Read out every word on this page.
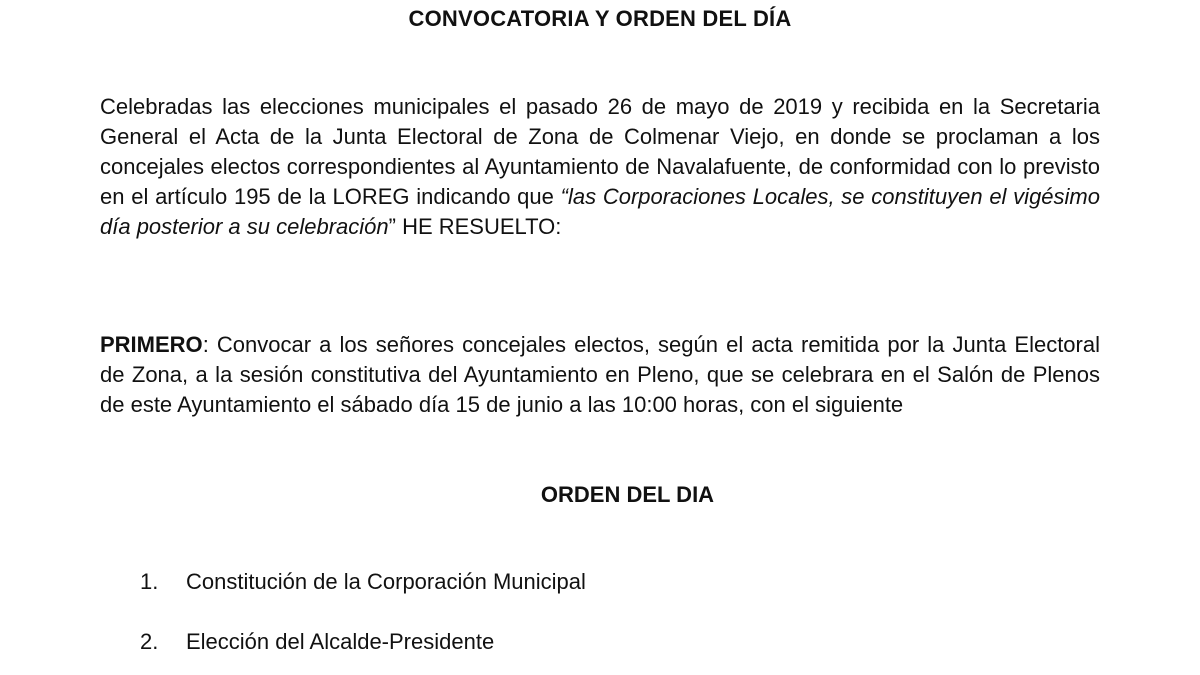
CONVOCATORIA Y ORDEN DEL DÍA

Celebradas las elecciones municipales el pasado 26 de mayo de 2019 y recibida en la Secretaria General el Acta de la Junta Electoral de Zona de Colmenar Viejo, en donde se proclaman a los concejales electos correspondientes al Ayuntamiento de Navalafuente, de conformidad con lo previsto en el artículo 195 de la LOREG indicando que “las Corporaciones Locales, se constituyen el vigésimo día posterior a su celebración” HE RESUELTO:

PRIMERO: Convocar a los señores concejales electos, según el acta remitida por la Junta Electoral de Zona, a la sesión constitutiva del Ayuntamiento en Pleno, que se celebrara en el Salón de Plenos de este Ayuntamiento el sábado día 15 de junio a las 10:00 horas, con el siguiente

ORDEN DEL DIA
1. Constitución de la Corporación Municipal
2. Elección del Alcalde-Presidente
